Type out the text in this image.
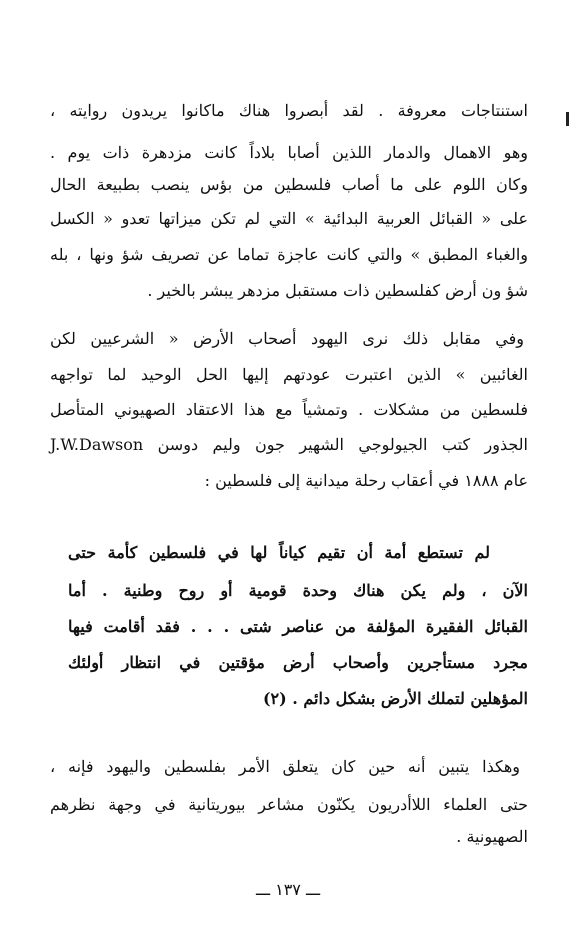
استنتاجات معروفة . لقد أبصروا هناك ماكانوا يريدون روايته ،
وهو الاهمال والدمار اللذين أصابا بلاداً كانت مزدهرة ذات يوم .
وكان اللوم على ما أصاب فلسطين من بؤس ينصب بطبيعة الحال
على « القبائل العربية البدائية » التي لم تكن ميزاتها تعدو « الكسل
والغباء المطبق » والتي كانت عاجزة تماما عن تصريف شؤ ونها ، بله
شؤ ون أرض كفلسطين ذات مستقبل مزدهر يبشر بالخير .
وفي مقابل ذلك نرى اليهود أصحاب الأرض « الشرعيين لكن
الغائبين » الذين اعتبرت عودتهم إليها الحل الوحيد لما تواجهه
فلسطين من مشكلات . وتمشياً مع هذا الاعتقاد الصهيوني المتأصل
الجذور كتب الجيولوجي الشهير جون وليم دوسن J.W.Dawson
عام ١٨٨٨ في أعقاب رحلة ميدانية إلى فلسطين :
لم تستطع أمة أن تقيم كياناً لها في فلسطين كأمة حتى
الآن ، ولم يكن هناك وحدة قومية أو روح وطنية . أما
القبائل الفقيرة المؤلفة من عناصر شتى . . . فقد أقامت فيها
مجرد مستأجرين وأصحاب أرض مؤقتين في انتظار أولئك
المؤهلين لتملك الأرض بشكل دائم . (٢)
وهكذا يتبين أنه حين كان يتعلق الأمر بفلسطين واليهود فإنه ،
حتى العلماء اللاأدريون يكنّون مشاعر بيوريتانية في وجهة نظرهم
الصهيونية .
ـــ ١٣٧ ـــ
